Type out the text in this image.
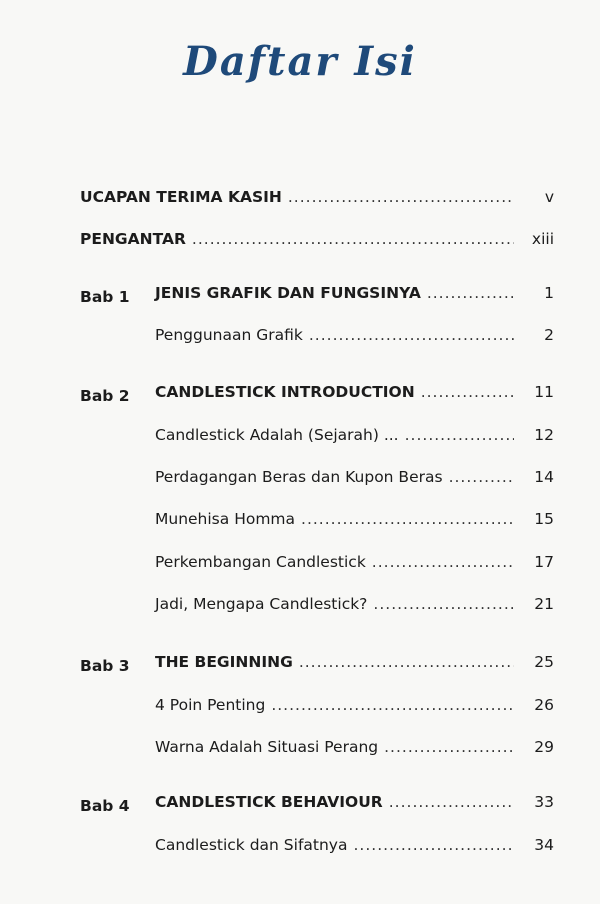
Daftar Isi
UCAPAN TERIMA KASIH .....	v
PENGANTAR .....	xiii
Bab 1 JENIS GRAFIK DAN FUNGSINYA .....	1
Penggunaan Grafik .....	2
Bab 2 CANDLESTICK INTRODUCTION .....	11
Candlestick Adalah (Sejarah) ... .....	12
Perdagangan Beras dan Kupon Beras .....	14
Munehisa Homma .....	15
Perkembangan Candlestick .....	17
Jadi, Mengapa Candlestick? .....	21
Bab 3 THE BEGINNING .....	25
4 Poin Penting .....	26
Warna Adalah Situasi Perang .....	29
Bab 4 CANDLESTICK BEHAVIOUR .....	33
Candlestick dan Sifatnya .....	34
